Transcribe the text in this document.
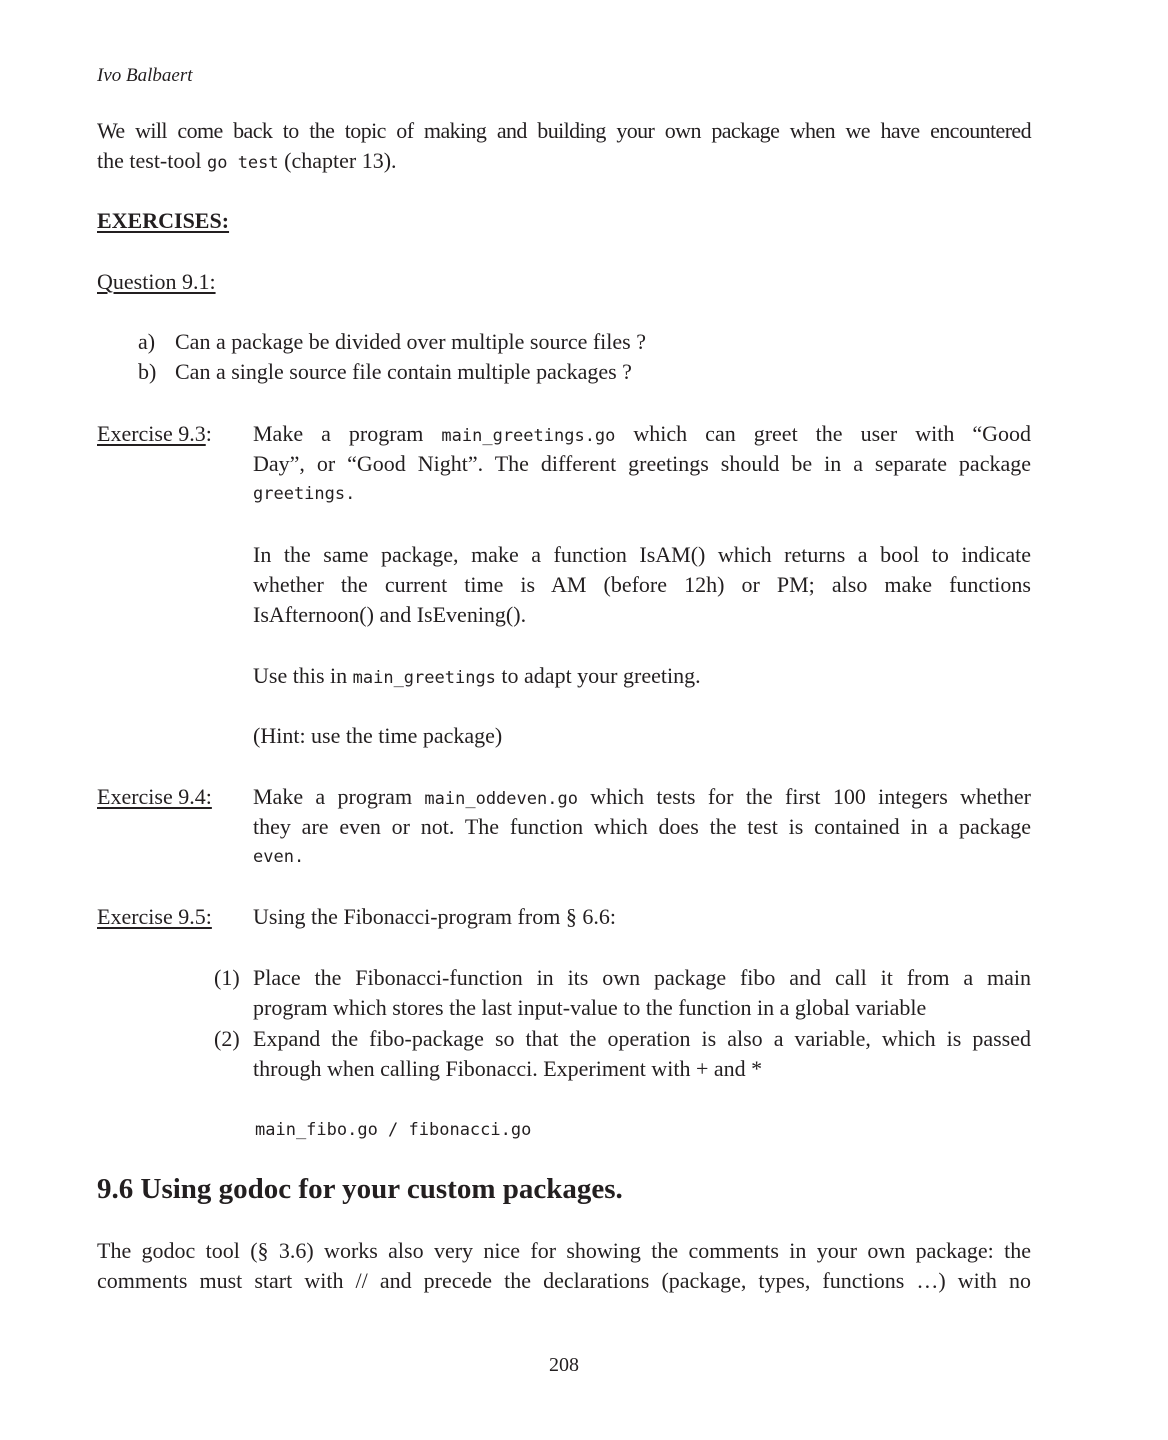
Ivo Balbaert
We will come back to the topic of making and building your own package when we have encountered
the test-tool go test (chapter 13).
EXERCISES:
Question 9.1:
a) Can a package be divided over multiple source files ?
b) Can a single source file contain multiple packages ?
Exercise 9.3: Make a program main_greetings.go which can greet the user with “Good
Day”, or “Good Night”. The different greetings should be in a separate package
greetings.
In the same package, make a function IsAM() which returns a bool to indicate
whether the current time is AM (before 12h) or PM; also make functions
IsAfternoon() and IsEvening().
Use this in main_greetings to adapt your greeting.
(Hint: use the time package)
Exercise 9.4: Make a program main_oddeven.go which tests for the first 100 integers whether
they are even or not. The function which does the test is contained in a package
even.
Exercise 9.5: Using the Fibonacci-program from § 6.6:
(1) Place the Fibonacci-function in its own package fibo and call it from a main
program which stores the last input-value to the function in a global variable
(2) Expand the fibo-package so that the operation is also a variable, which is passed
through when calling Fibonacci. Experiment with + and *
main_fibo.go / fibonacci.go
9.6 Using godoc for your custom packages.
The godoc tool (§ 3.6) works also very nice for showing the comments in your own package: the
comments must start with // and precede the declarations (package, types, functions …) with no
208
